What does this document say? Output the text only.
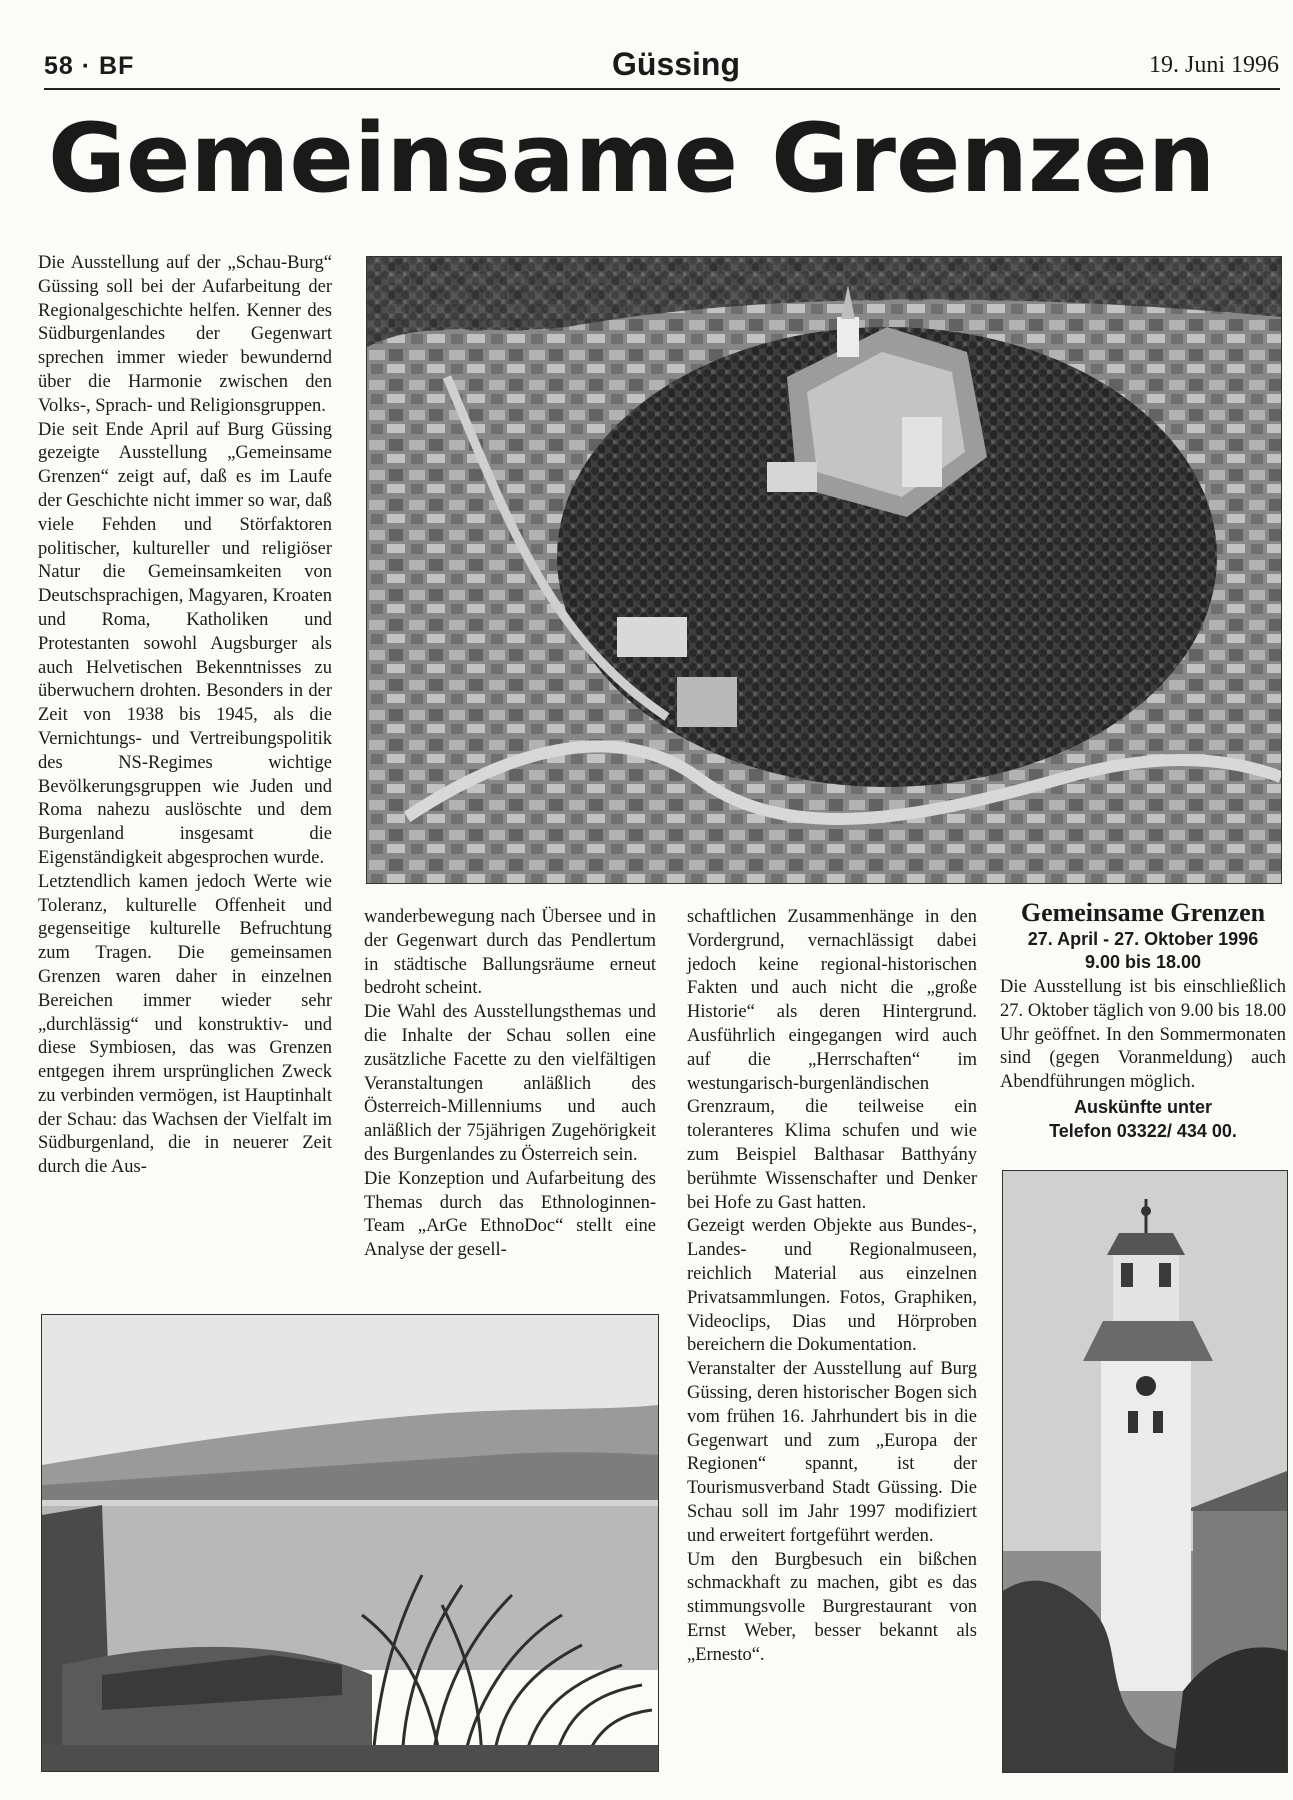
58 · BF	Güssing	19. Juni 1996
Gemeinsame Grenzen

Die Ausstellung auf der „Schau-Burg“ Güssing soll bei der Aufarbeitung der Regionalgeschichte helfen. Kenner des Südburgenlandes der Gegenwart sprechen immer wieder bewundernd über die Harmonie zwischen den Volks-, Sprach- und Religionsgruppen.

Die seit Ende April auf Burg Güssing gezeigte Ausstellung „Gemeinsame Grenzen“ zeigt auf, daß es im Laufe der Geschichte nicht immer so war, daß viele Fehden und Störfaktoren politischer, kultureller und religiöser Natur die Gemeinsamkeiten von Deutschsprachigen, Magyaren, Kroaten und Roma, Katholiken und Protestanten sowohl Augsburger als auch Helvetischen Bekenntnisses zu überwuchern drohten. Besonders in der Zeit von 1938 bis 1945, als die Vernichtungs- und Vertreibungspolitik des NS-Regimes wichtige Bevölkerungsgruppen wie Juden und Roma nahezu auslöschte und dem Burgenland insgesamt die Eigenständigkeit abgesprochen wurde.

Letztendlich kamen jedoch Werte wie Toleranz, kulturelle Offenheit und gegenseitige kulturelle Befruchtung zum Tragen. Die gemeinsamen Grenzen waren daher in einzelnen Bereichen immer wieder sehr „durchlässig“ und konstruktiv- und diese Symbiosen, das was Grenzen entgegen ihrem ursprünglichen Zweck zu verbinden vermögen, ist Hauptinhalt der Schau: das Wachsen der Vielfalt im Südburgenland, die in neuerer Zeit durch die Aus-

wanderbewegung nach Übersee und in der Gegenwart durch das Pendlertum in städtische Ballungsräume erneut bedroht scheint.

Die Wahl des Ausstellungsthemas und die Inhalte der Schau sollen eine zusätzliche Facette zu den vielfältigen Veranstaltungen anläßlich des Österreich-Millenniums und auch anläßlich der 75jährigen Zugehörigkeit des Burgenlandes zu Österreich sein.

Die Konzeption und Aufarbeitung des Themas durch das Ethnologinnen-Team „ArGe EthnoDoc“ stellt eine Analyse der gesell-

schaftlichen Zusammenhänge in den Vordergrund, vernachlässigt dabei jedoch keine regional-historischen Fakten und auch nicht die „große Historie“ als deren Hintergrund. Ausführlich eingegangen wird auch auf die „Herrschaften“ im westungarisch-burgenländischen Grenzraum, die teilweise ein toleranteres Klima schufen und wie zum Beispiel Balthasar Batthyány berühmte Wissenschafter und Denker bei Hofe zu Gast hatten.

Gezeigt werden Objekte aus Bundes-, Landes- und Regionalmuseen, reichlich Material aus einzelnen Privatsammlungen. Fotos, Graphiken, Videoclips, Dias und Hörproben bereichern die Dokumentation.

Veranstalter der Ausstellung auf Burg Güssing, deren historischer Bogen sich vom frühen 16. Jahrhundert bis in die Gegenwart und zum „Europa der Regionen“ spannt, ist der Tourismusverband Stadt Güssing. Die Schau soll im Jahr 1997 modifiziert und erweitert fortgeführt werden.

Um den Burgbesuch ein bißchen schmackhaft zu machen, gibt es das stimmungsvolle Burgrestaurant von Ernst Weber, besser bekannt als „Ernesto“.

Gemeinsame Grenzen
27. April - 27. Oktober 1996
9.00 bis 18.00
Die Ausstellung ist bis einschließlich 27. Oktober täglich von 9.00 bis 18.00 Uhr geöffnet. In den Sommermonaten sind (gegen Voranmeldung) auch Abendführungen möglich.
Auskünfte unter
Telefon 03322/ 434 00.
